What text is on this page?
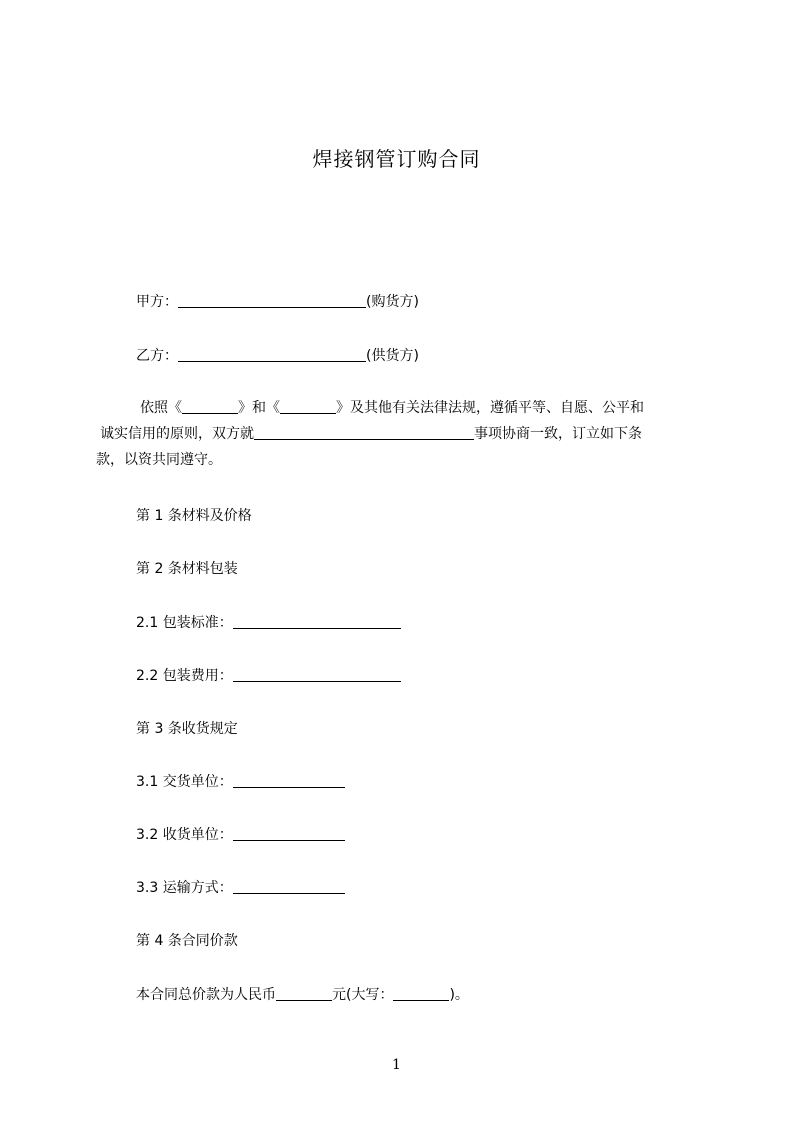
焊接钢管订购合同
甲方：	(购货方)
乙方：	(供货方)
依照《	》和《	》及其他有关法律法规，遵循平等、自愿、公平和
诚实信用的原则，双方就	事项协商一致，订立如下条
款，以资共同遵守。
第 1 条材料及价格
第 2 条材料包装
2.1 包装标准：
2.2 包装费用：
第 3 条收货规定
3.1 交货单位：
3.2 收货单位：
3.3 运输方式：
第 4 条合同价款
本合同总价款为人民币	元(大写：	)。
1
